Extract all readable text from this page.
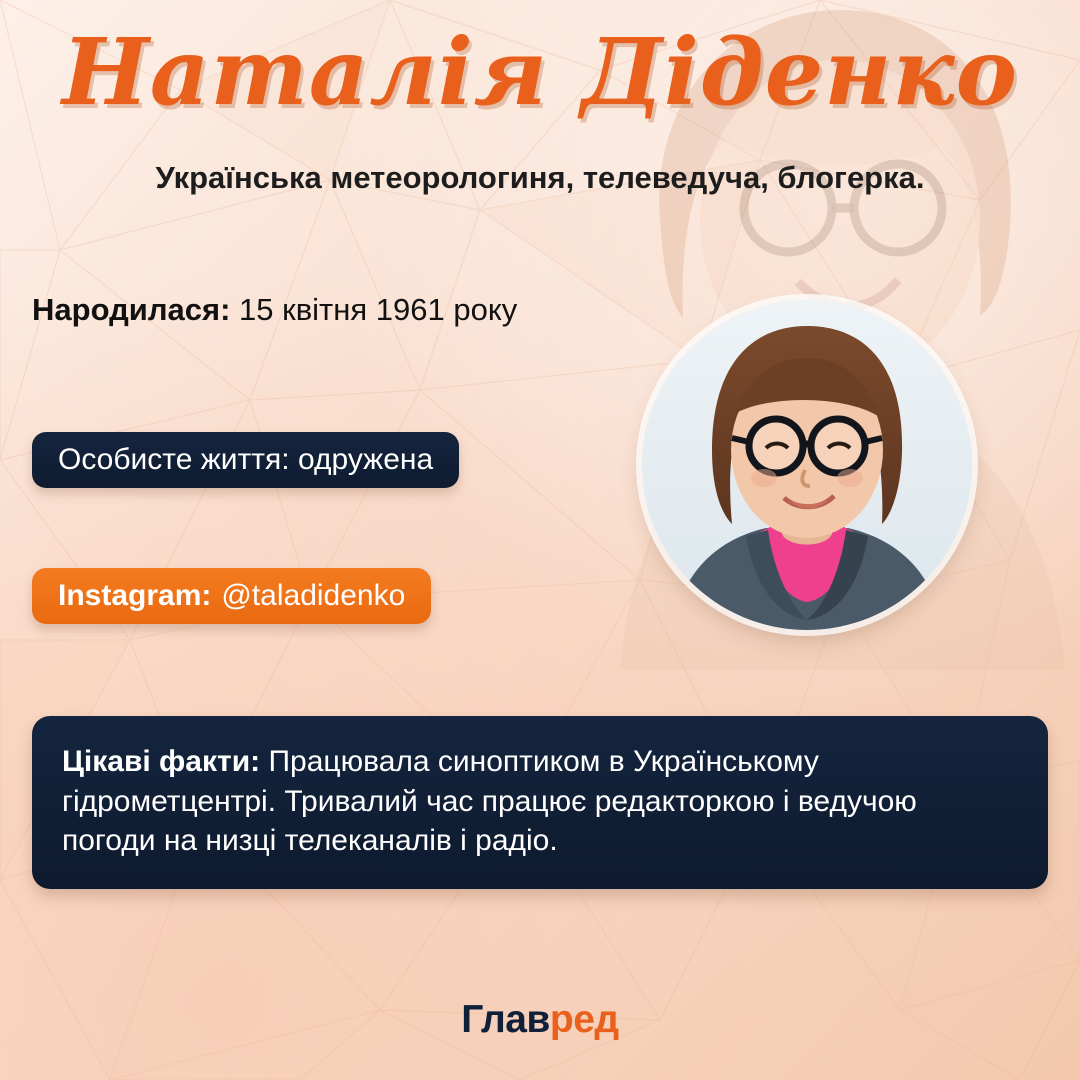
Наталія Діденко
Українська метеорологиня, телеведуча, блогерка.
Народилася: 15 квітня 1961 року
Особисте життя: одружена
Instagram: @taladidenko
Цікаві факти: Працювала синоптиком в Українському гідрометцентрі. Тривалий час працює редакторкою і ведучою погоди на низці телеканалів і радіо.
Главред
